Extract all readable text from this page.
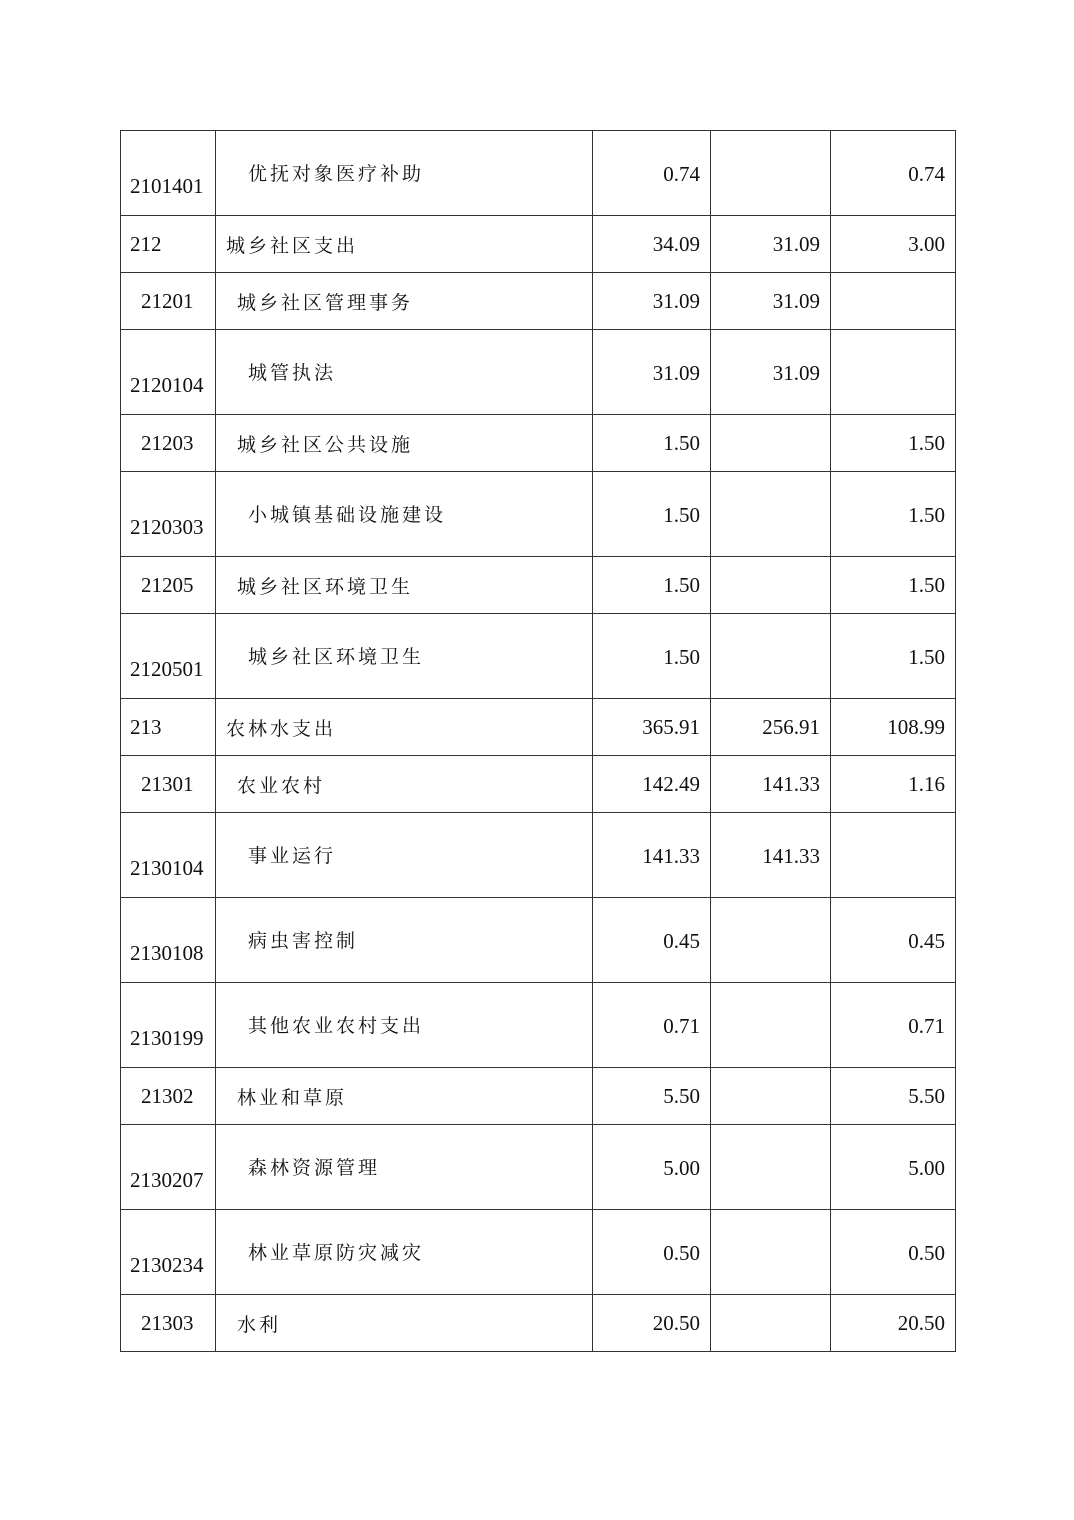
2101401	优抚对象医疗补助	0.74		0.74
212	城乡社区支出	34.09	31.09	3.00
21201	城乡社区管理事务	31.09	31.09	
2120104	城管执法	31.09	31.09	
21203	城乡社区公共设施	1.50		1.50
2120303	小城镇基础设施建设	1.50		1.50
21205	城乡社区环境卫生	1.50		1.50
2120501	城乡社区环境卫生	1.50		1.50
213	农林水支出	365.91	256.91	108.99
21301	农业农村	142.49	141.33	1.16
2130104	事业运行	141.33	141.33	
2130108	病虫害控制	0.45		0.45
2130199	其他农业农村支出	0.71		0.71
21302	林业和草原	5.50		5.50
2130207	森林资源管理	5.00		5.00
2130234	林业草原防灾减灾	0.50		0.50
21303	水利	20.50		20.50
